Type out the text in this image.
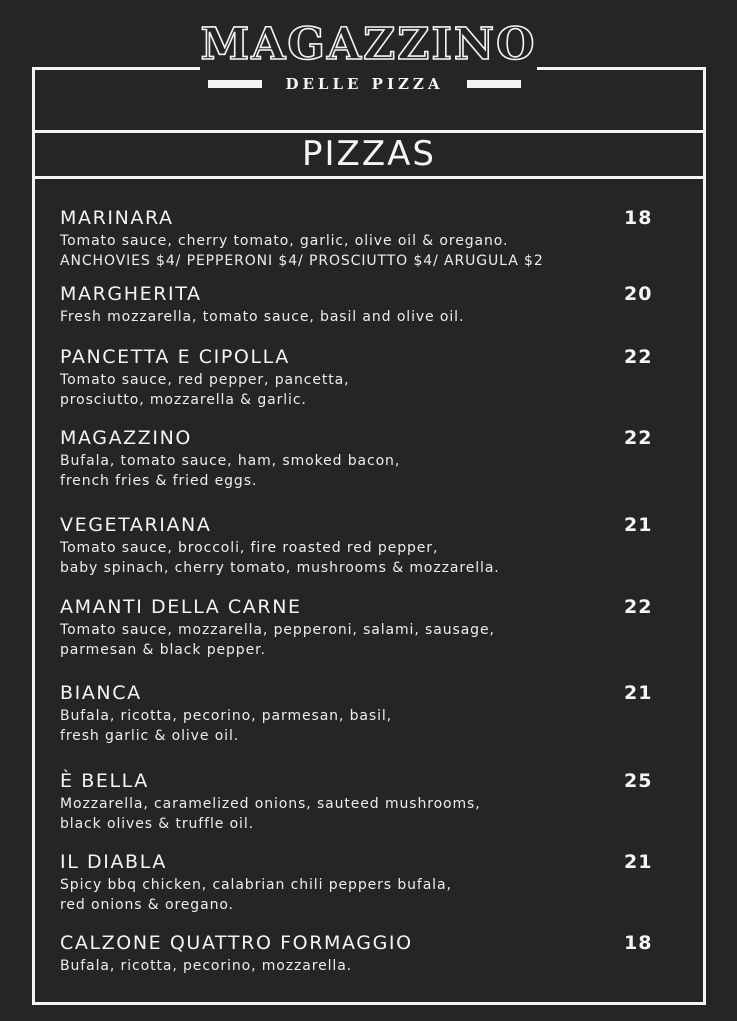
MAGAZZINO
DELLE PIZZA
PIZZAS
MARINARA	18
Tomato sauce, cherry tomato, garlic, olive oil & oregano.
ANCHOVIES $4/ PEPPERONI $4/ PROSCIUTTO $4/ ARUGULA $2
MARGHERITA	20
Fresh mozzarella, tomato sauce, basil and olive oil.
PANCETTA E CIPOLLA	22
Tomato sauce, red pepper, pancetta,
prosciutto, mozzarella & garlic.
MAGAZZINO	22
Bufala, tomato sauce, ham, smoked bacon,
french fries & fried eggs.
VEGETARIANA	21
Tomato sauce, broccoli, fire roasted red pepper,
baby spinach, cherry tomato, mushrooms & mozzarella.
AMANTI DELLA CARNE	22
Tomato sauce, mozzarella, pepperoni, salami, sausage,
parmesan & black pepper.
BIANCA	21
Bufala, ricotta, pecorino, parmesan, basil,
fresh garlic & olive oil.
È BELLA	25
Mozzarella, caramelized onions, sauteed mushrooms,
black olives & truffle oil.
IL DIABLA	21
Spicy bbq chicken, calabrian chili peppers bufala,
red onions & oregano.
CALZONE QUATTRO FORMAGGIO	18
Bufala, ricotta, pecorino, mozzarella.
